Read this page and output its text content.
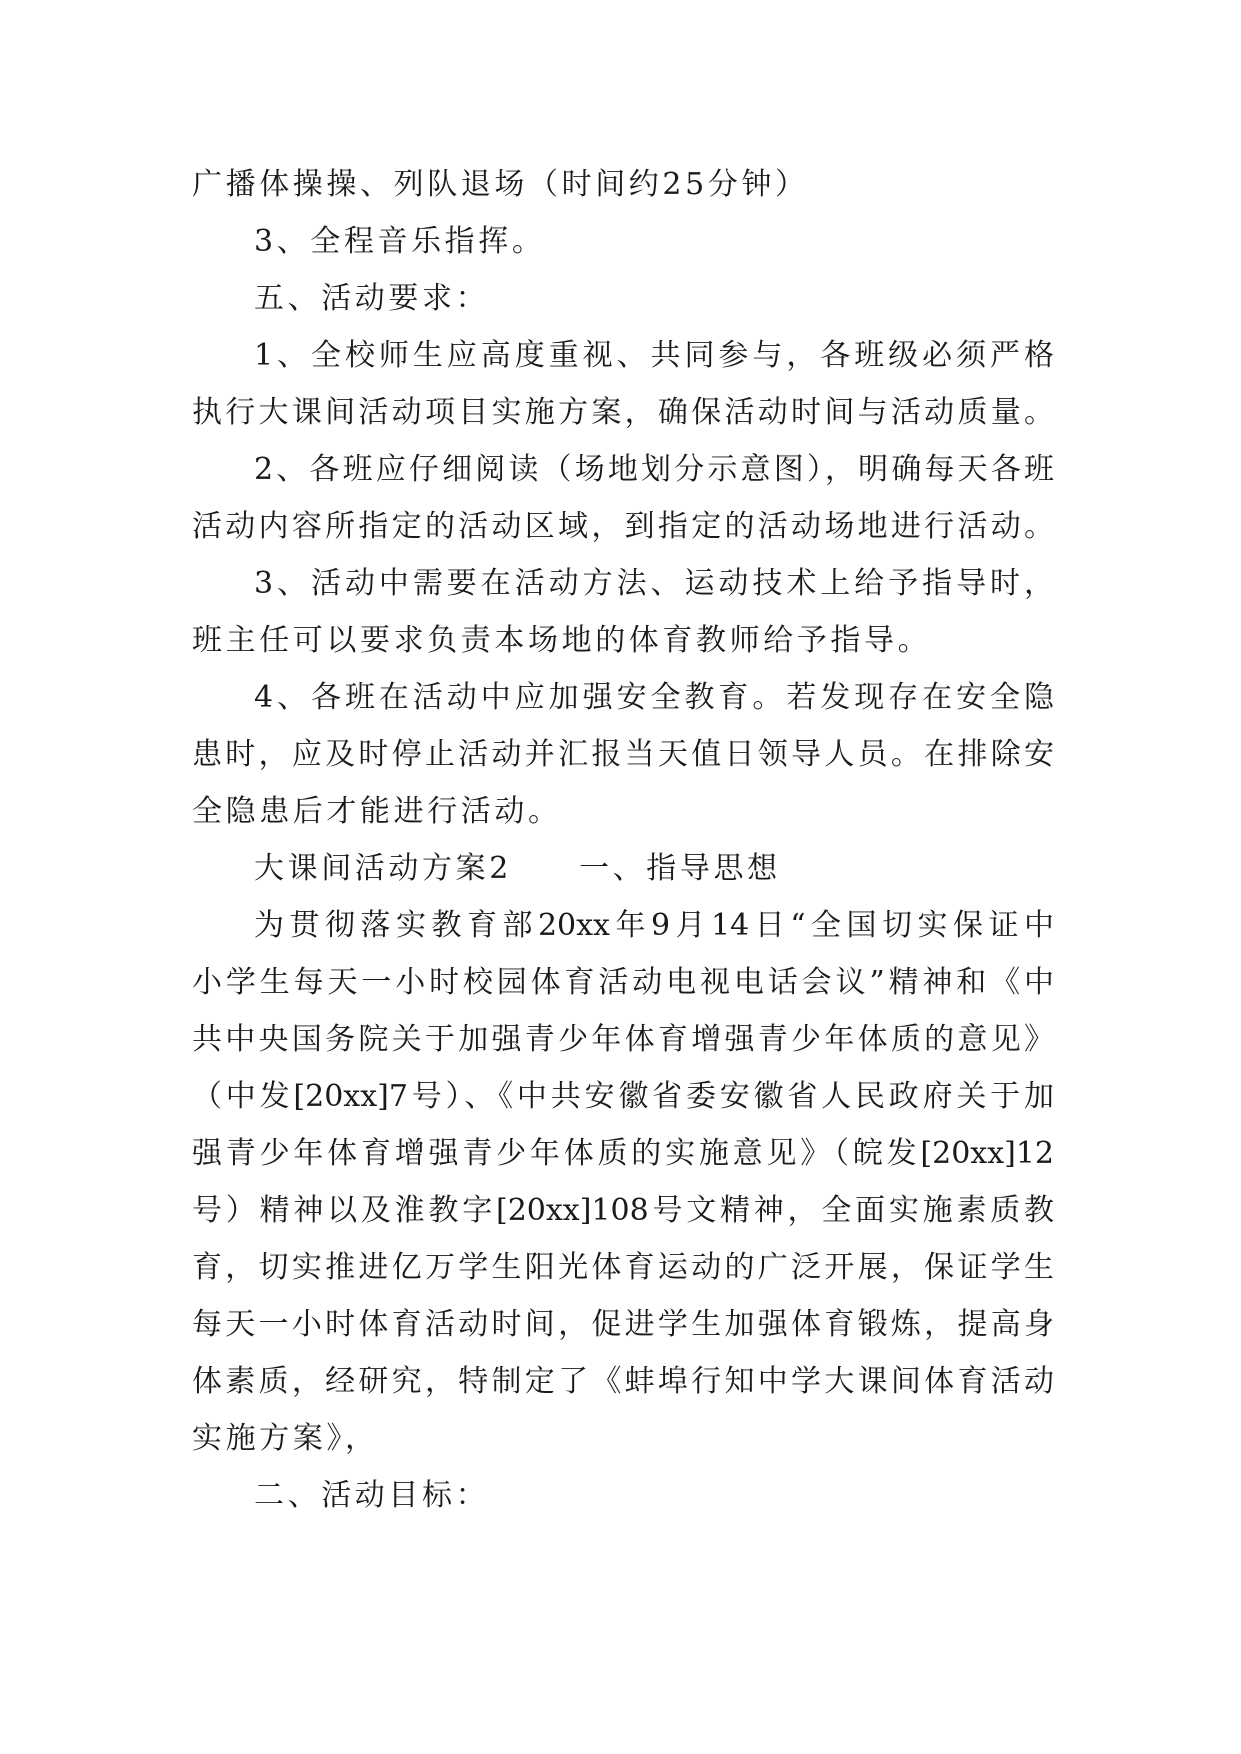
广播体操操、列队退场（时间约25分钟）
3、全程音乐指挥。
五、活动要求：
1、全校师生应高度重视、共同参与，各班级必须严格
执行大课间活动项目实施方案，确保活动时间与活动质量。
2、各班应仔细阅读（场地划分示意图），明确每天各班
活动内容所指定的活动区域，到指定的活动场地进行活动。
3、活动中需要在活动方法、运动技术上给予指导时，
班主任可以要求负责本场地的体育教师给予指导。
4、各班在活动中应加强安全教育。若发现存在安全隐
患时，应及时停止活动并汇报当天值日领导人员。在排除安
全隐患后才能进行活动。
大课间活动方案2　　一、指导思想
为贯彻落实教育部20xx年9月14日“全国切实保证中
小学生每天一小时校园体育活动电视电话会议”精神和《中
共中央国务院关于加强青少年体育增强青少年体质的意见》
（中发[20xx]7号）、《中共安徽省委安徽省人民政府关于加
强青少年体育增强青少年体质的实施意见》（皖发[20xx]12
号）精神以及淮教字[20xx]108号文精神，全面实施素质教
育，切实推进亿万学生阳光体育运动的广泛开展，保证学生
每天一小时体育活动时间，促进学生加强体育锻炼，提高身
体素质，经研究，特制定了《蚌埠行知中学大课间体育活动
实施方案》，
二、活动目标：
